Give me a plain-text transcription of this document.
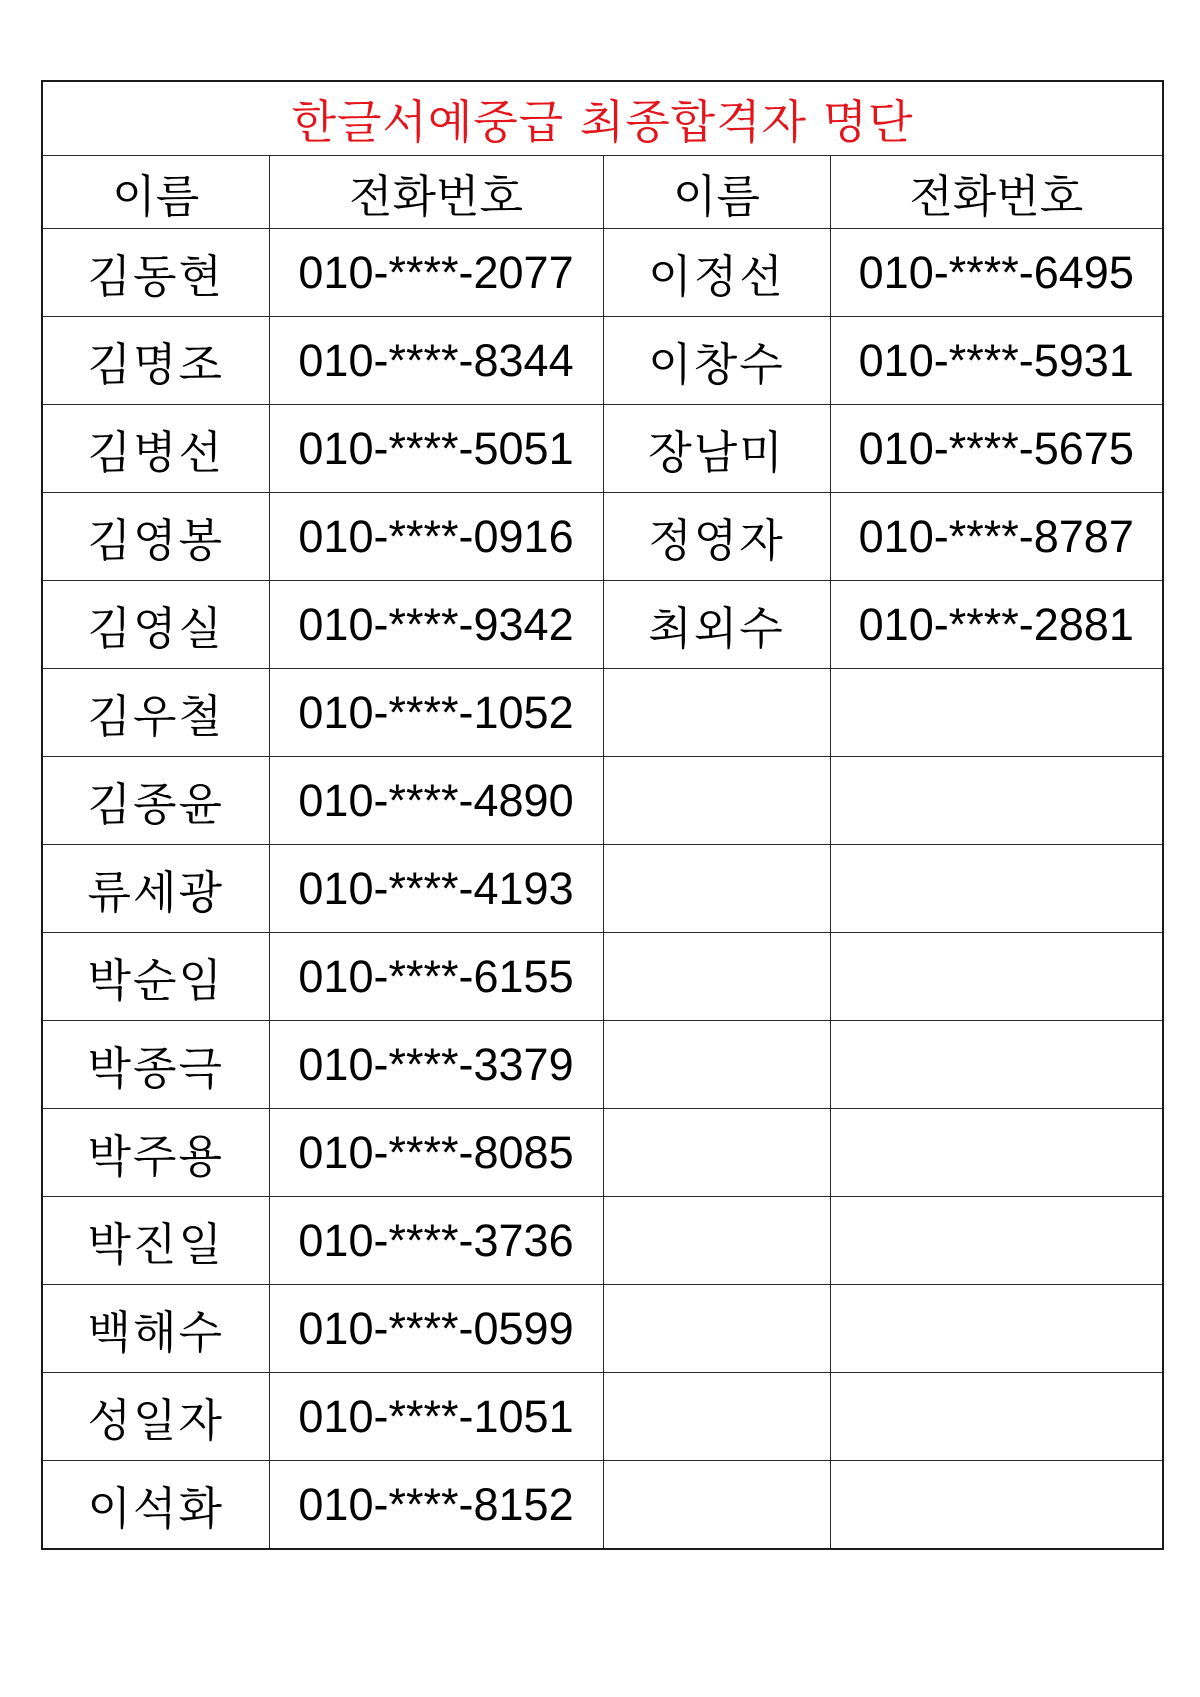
한글서예중급 최종합격자 명단			
이름	전화번호	이름	전화번호
김동현	010-****-2077	이정선	010-****-6495
김명조	010-****-8344	이창수	010-****-5931
김병선	010-****-5051	장남미	010-****-5675
김영봉	010-****-0916	정영자	010-****-8787
김영실	010-****-9342	최외수	010-****-2881
김우철	010-****-1052		
김종윤	010-****-4890		
류세광	010-****-4193		
박순임	010-****-6155		
박종극	010-****-3379		
박주용	010-****-8085		
박진일	010-****-3736		
백해수	010-****-0599		
성일자	010-****-1051		
이석화	010-****-8152		
